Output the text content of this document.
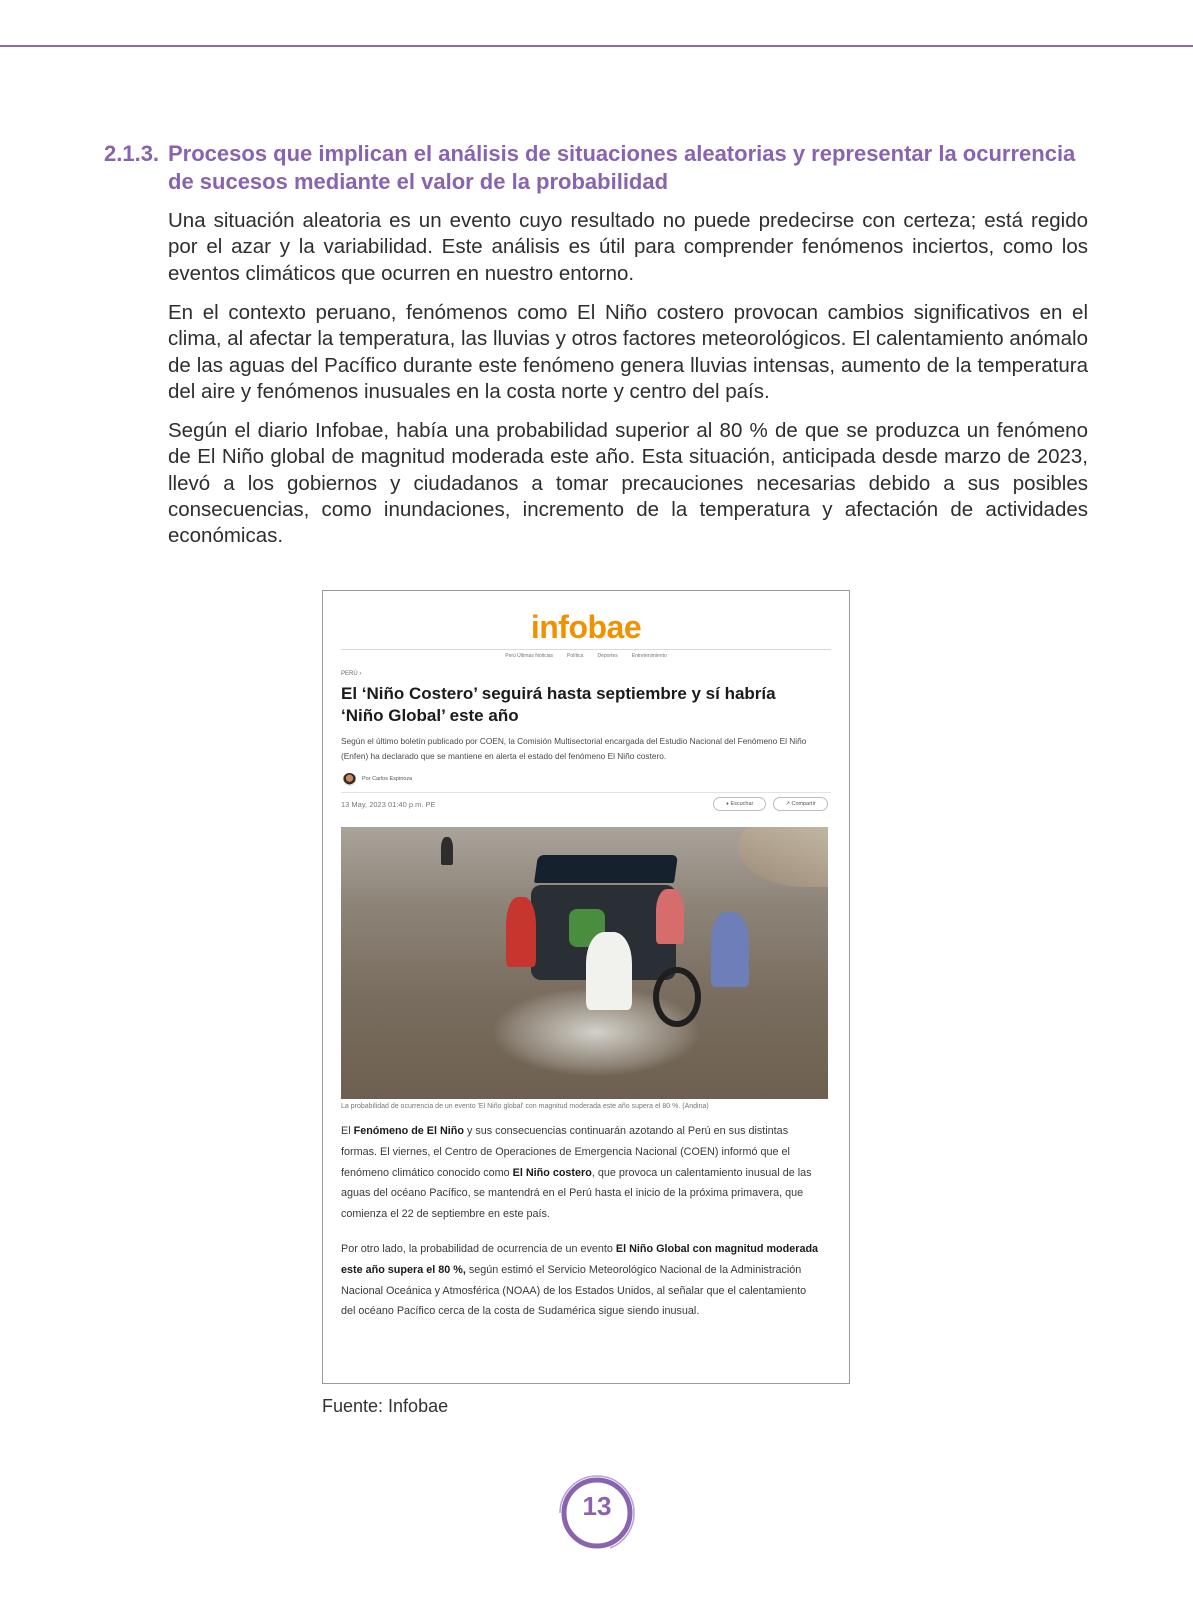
2.1.3. Procesos que implican el análisis de situaciones aleatorias y representar la ocurrencia de sucesos mediante el valor de la probabilidad

Una situación aleatoria es un evento cuyo resultado no puede predecirse con certeza; está regido por el azar y la variabilidad. Este análisis es útil para comprender fenómenos inciertos, como los eventos climáticos que ocurren en nuestro entorno.

En el contexto peruano, fenómenos como El Niño costero provocan cambios significativos en el clima, al afectar la temperatura, las lluvias y otros factores meteorológicos. El calentamiento anómalo de las aguas del Pacífico durante este fenómeno genera lluvias intensas, aumento de la temperatura del aire y fenómenos inusuales en la costa norte y centro del país.

Según el diario Infobae, había una probabilidad superior al 80 % de que se produzca un fenómeno de El Niño global de magnitud moderada este año. Esta situación, anticipada desde marzo de 2023, llevó a los gobiernos y ciudadanos a tomar precauciones necesarias debido a sus posibles consecuencias, como inundaciones, incremento de la temperatura y afectación de actividades económicas.

infobae
Perú Últimas Noticias	Política	Deportes	Entretenimiento
PERÚ ›
El ‘Niño Costero’ seguirá hasta septiembre y sí habría ‘Niño Global’ este año
Según el último boletín publicado por COEN, la Comisión Multisectorial encargada del Estudio Nacional del Fenómeno El Niño (Enfen) ha declarado que se mantiene en alerta el estado del fenómeno El Niño costero.
Por Carlos Espinoza
13 May, 2023 01:40 p.m. PE	◕ Escuchar	↗ Compartir
La probabilidad de ocurrencia de un evento 'El Niño global' con magnitud moderada este año supera el 80 %. (Andina)

El Fenómeno de El Niño y sus consecuencias continuarán azotando al Perú en sus distintas formas. El viernes, el Centro de Operaciones de Emergencia Nacional (COEN) informó que el fenómeno climático conocido como El Niño costero, que provoca un calentamiento inusual de las aguas del océano Pacífico, se mantendrá en el Perú hasta el inicio de la próxima primavera, que comienza el 22 de septiembre en este país.

Por otro lado, la probabilidad de ocurrencia de un evento El Niño Global con magnitud moderada este año supera el 80 %, según estimó el Servicio Meteorológico Nacional de la Administración Nacional Oceánica y Atmosférica (NOAA) de los Estados Unidos, al señalar que el calentamiento del océano Pacífico cerca de la costa de Sudamérica sigue siendo inusual.

Fuente: Infobae
13
